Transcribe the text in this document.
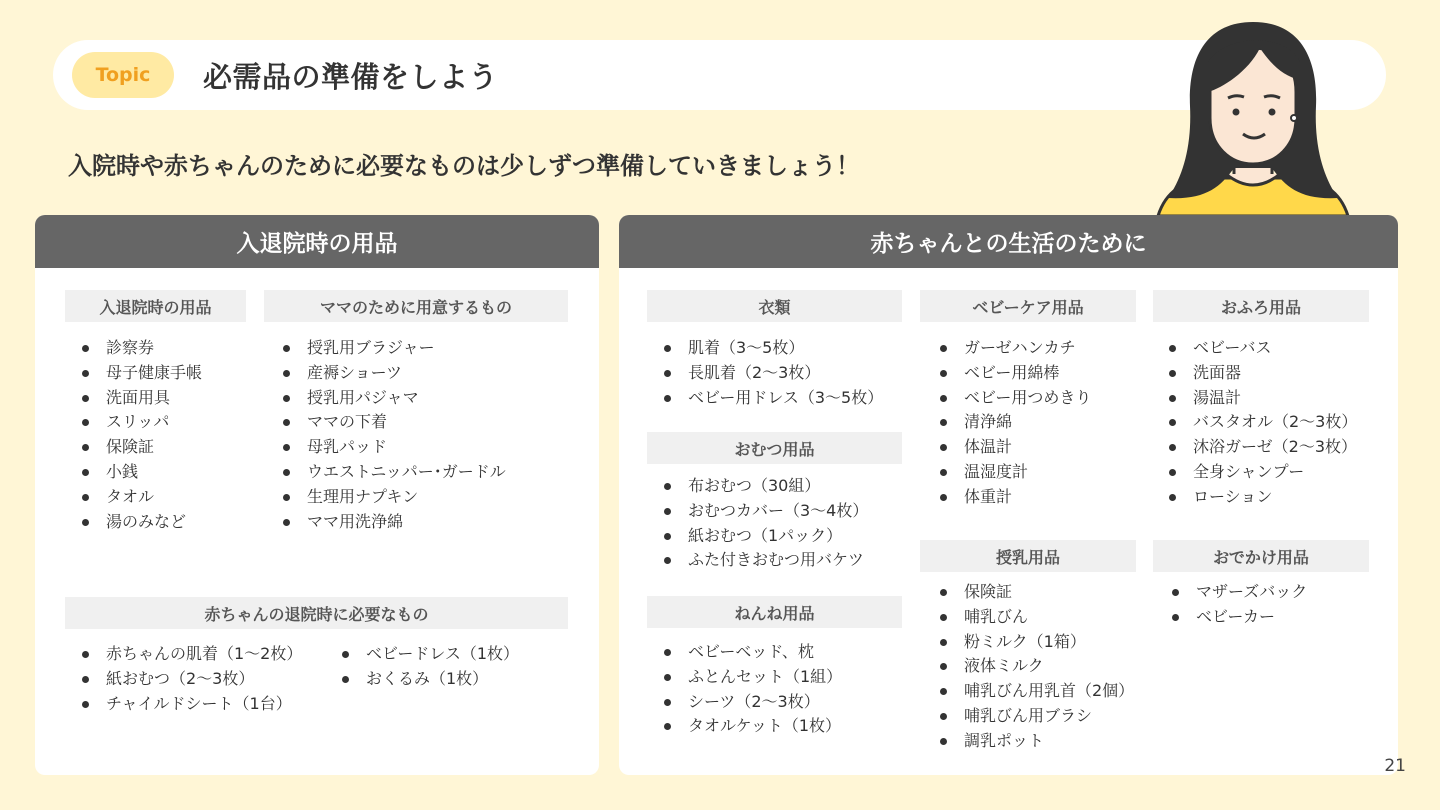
Topic	必需品の準備をしよう
入院時や赤ちゃんのために必要なものは少しずつ準備していきましょう！
入退院時の用品
入退院時の用品
診察券
母子健康手帳
洗面用具
スリッパ
保険証
小銭
タオル
湯のみなど
ママのために用意するもの
授乳用ブラジャー
産褥ショーツ
授乳用パジャマ
ママの下着
母乳パッド
ウエストニッパー･ガードル
生理用ナプキン
ママ用洗浄綿
赤ちゃんの退院時に必要なもの
赤ちゃんの肌着（1〜2枚）
紙おむつ（2〜3枚）
チャイルドシート（1台）
ベビードレス（1枚）
おくるみ（1枚）
赤ちゃんとの生活のために
衣類
肌着（3〜5枚）
長肌着（2〜3枚）
ベビー用ドレス（3〜5枚）
おむつ用品
布おむつ（30組）
おむつカバー（3〜4枚）
紙おむつ（1パック）
ふた付きおむつ用バケツ
ねんね用品
ベビーベッド、枕
ふとんセット（1組）
シーツ（2〜3枚）
タオルケット（1枚）
ベビーケア用品
ガーゼハンカチ
ベビー用綿棒
ベビー用つめきり
清浄綿
体温計
温湿度計
体重計
授乳用品
保険証
哺乳びん
粉ミルク（1箱）
液体ミルク
哺乳びん用乳首（2個）
哺乳びん用ブラシ
調乳ポット
おふろ用品
ベビーバス
洗面器
湯温計
バスタオル（2〜3枚）
沐浴ガーゼ（2〜3枚）
全身シャンプー
ローション
おでかけ用品
マザーズバック
ベビーカー
21
